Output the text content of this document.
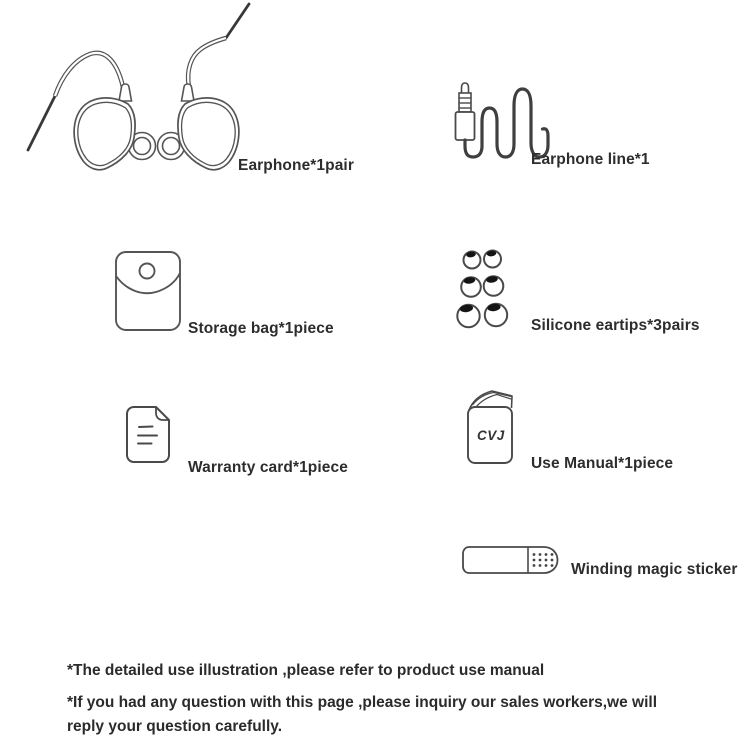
Earphone*1pair	Earphone line*1
Storage bag*1piece	Silicone eartips*3pairs
Warranty card*1piece
CVJ
Use Manual*1piece
Winding magic sticker
*The detailed use illustration ,please refer to product use manual
*If you had any question with this page ,please inquiry our sales workers,we will reply your question carefully.
